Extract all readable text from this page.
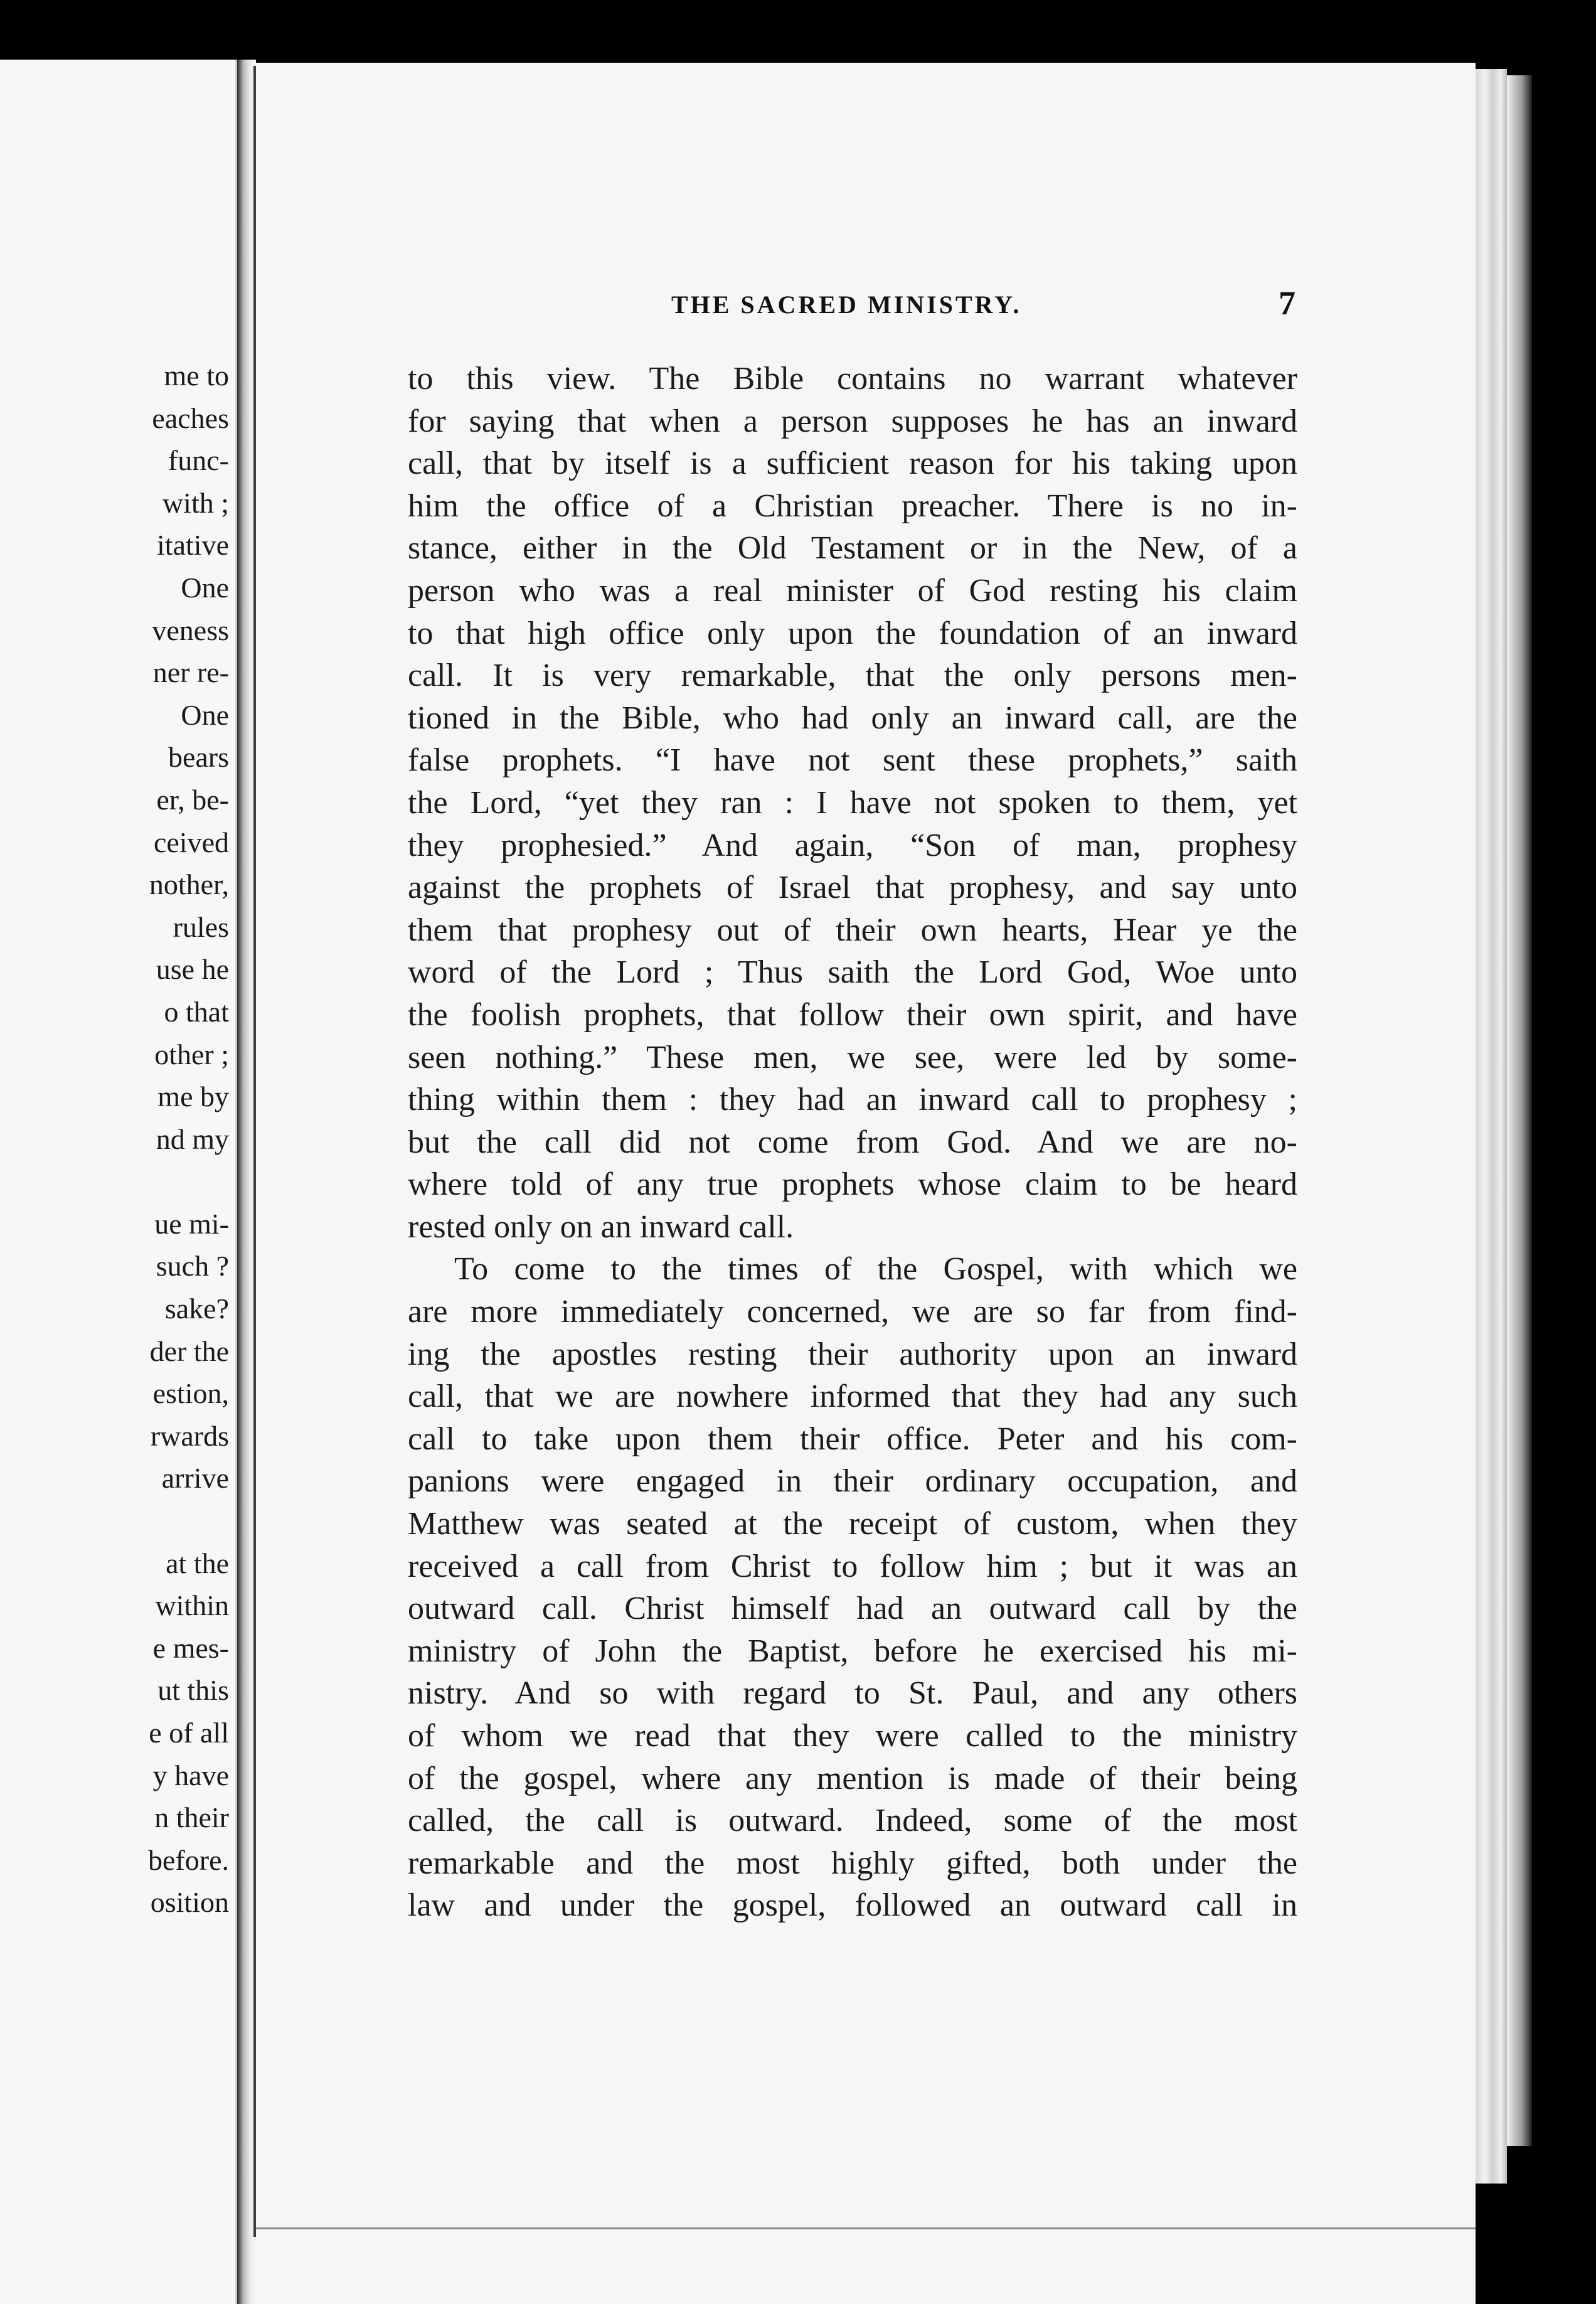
me to
eaches
func-
with ;
itative
One
veness
ner re-
One
bears
er, be-
ceived
nother,
rules
use he
o that
other ;
me by
nd my
ue mi-
such ?
sake?
der the
estion,
rwards
arrive
at the
within
e mes-
ut this
e of all
y have
n their
before.
osition
THE SACRED MINISTRY.	7
to this view. The Bible contains no warrant whatever
for saying that when a person supposes he has an inward
call, that by itself is a sufficient reason for his taking upon
him the office of a Christian preacher. There is no in-
stance, either in the Old Testament or in the New, of a
person who was a real minister of God resting his claim
to that high office only upon the foundation of an inward
call. It is very remarkable, that the only persons men-
tioned in the Bible, who had only an inward call, are the
false prophets. “I have not sent these prophets,” saith
the Lord, “yet they ran : I have not spoken to them, yet
they prophesied.” And again, “Son of man, prophesy
against the prophets of Israel that prophesy, and say unto
them that prophesy out of their own hearts, Hear ye the
word of the Lord ; Thus saith the Lord God, Woe unto
the foolish prophets, that follow their own spirit, and have
seen nothing.” These men, we see, were led by some-
thing within them : they had an inward call to prophesy ;
but the call did not come from God. And we are no-
where told of any true prophets whose claim to be heard
rested only on an inward call.
To come to the times of the Gospel, with which we
are more immediately concerned, we are so far from find-
ing the apostles resting their authority upon an inward
call, that we are nowhere informed that they had any such
call to take upon them their office. Peter and his com-
panions were engaged in their ordinary occupation, and
Matthew was seated at the receipt of custom, when they
received a call from Christ to follow him ; but it was an
outward call. Christ himself had an outward call by the
ministry of John the Baptist, before he exercised his mi-
nistry. And so with regard to St. Paul, and any others
of whom we read that they were called to the ministry
of the gospel, where any mention is made of their being
called, the call is outward. Indeed, some of the most
remarkable and the most highly gifted, both under the
law and under the gospel, followed an outward call in
